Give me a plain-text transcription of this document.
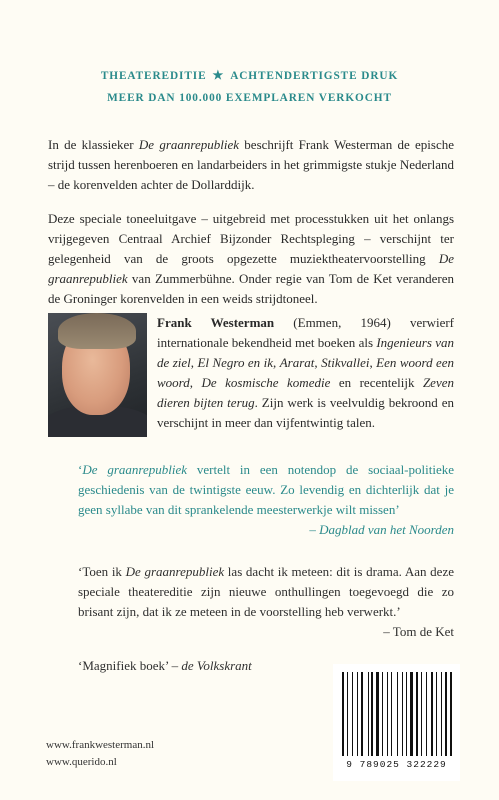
THEATEREDITIE ★ ACHTENDERTIGSTE DRUK
MEER DAN 100.000 EXEMPLAREN VERKOCHT

In de klassieker De graanrepubliek beschrijft Frank Westerman de epische strijd tussen herenboeren en landarbeiders in het grimmigste stukje Nederland – de korenvelden achter de Dollarddijk.

Deze speciale toneeluitgave – uitgebreid met processtukken uit het onlangs vrijgegeven Centraal Archief Bijzonder Rechtspleging – verschijnt ter gelegenheid van de groots opgezette muziektheatervoorstelling De graanrepubliek van Zummerbühne. Onder regie van Tom de Ket veranderen de Groninger korenvelden in een weids strijdtoneel.

Frank Westerman (Emmen, 1964) verwierf internationale bekendheid met boeken als Ingenieurs van de ziel, El Negro en ik, Ararat, Stikvallei, Een woord een woord, De kosmische komedie en recentelijk Zeven dieren bijten terug. Zijn werk is veelvuldig bekroond en verschijnt in meer dan vijfentwintig talen.
‘De graanrepubliek vertelt in een notendop de sociaal-politieke geschiedenis van de twintigste eeuw. Zo levendig en dichterlijk dat je geen syllabe van dit sprankelende meesterwerkje wilt missen’
– Dagblad van het Noorden
‘Toen ik De graanrepubliek las dacht ik meteen: dit is drama. Aan deze speciale theatereditie zijn nieuwe onthullingen toegevoegd die zo brisant zijn, dat ik ze meteen in de voorstelling heb verwerkt.’
– Tom de Ket
‘Magnifiek boek’ – de Volkskrant
www.frankwesterman.nl
www.querido.nl	9 789025 322229
